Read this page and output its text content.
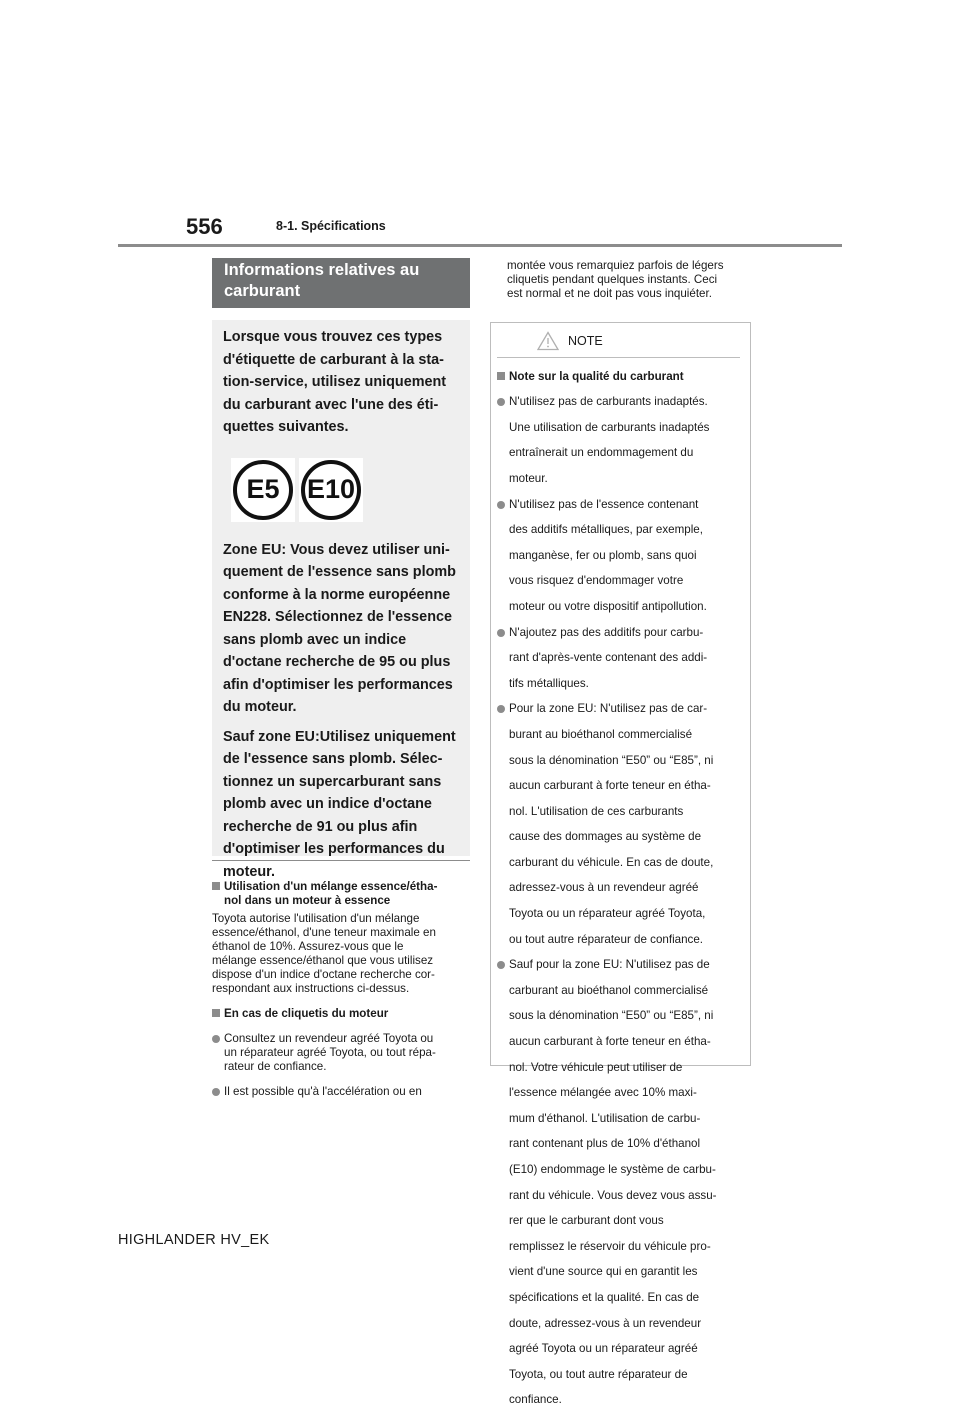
556	8-1. Spécifications
Informations relatives au
carburant

Lorsque vous trouvez ces types

d'étiquette de carburant à la sta-

tion-service, utilisez uniquement

du carburant avec l'une des éti-

quettes suivantes.

E5	E10

Zone EU: Vous devez utiliser uni-

quement de l'essence sans plomb

conforme à la norme européenne

EN228. Sélectionnez de l'essence

sans plomb avec un indice

d'octane recherche de 95 ou plus

afin d'optimiser les performances

du moteur.

Sauf zone EU:Utilisez uniquement

de l'essence sans plomb. Sélec-

tionnez un supercarburant sans

plomb avec un indice d'octane

recherche de 91 ou plus afin

d'optimiser les performances du

moteur.

Utilisation d'un mélange essence/étha-

nol dans un moteur à essence

Toyota autorise l'utilisation d'un mélange

essence/éthanol, d'une teneur maximale en

éthanol de 10%. Assurez-vous que le

mélange essence/éthanol que vous utilisez

dispose d'un indice d'octane recherche cor-

respondant aux instructions ci-dessus.

En cas de cliquetis du moteur

Consultez un revendeur agréé Toyota ou

un réparateur agréé Toyota, ou tout répa-

rateur de confiance.

Il est possible qu'à l'accélération ou en

montée vous remarquiez parfois de légers
cliquetis pendant quelques instants. Ceci
est normal et ne doit pas vous inquiéter.
NOTE

Note sur la qualité du carburant

N'utilisez pas de carburants inadaptés.

Une utilisation de carburants inadaptés

entraînerait un endommagement du

moteur.

N'utilisez pas de l'essence contenant

des additifs métalliques, par exemple,

manganèse, fer ou plomb, sans quoi

vous risquez d'endommager votre

moteur ou votre dispositif antipollution.

N'ajoutez pas des additifs pour carbu-

rant d'après-vente contenant des addi-

tifs métalliques.

Pour la zone EU: N'utilisez pas de car-

burant au bioéthanol commercialisé

sous la dénomination “E50” ou “E85”, ni

aucun carburant à forte teneur en étha-

nol. L'utilisation de ces carburants

cause des dommages au système de

carburant du véhicule. En cas de doute,

adressez-vous à un revendeur agréé

Toyota ou un réparateur agréé Toyota,

ou tout autre réparateur de confiance.

Sauf pour la zone EU: N'utilisez pas de

carburant au bioéthanol commercialisé

sous la dénomination “E50” ou “E85”, ni

aucun carburant à forte teneur en étha-

nol. Votre véhicule peut utiliser de

l'essence mélangée avec 10% maxi-

mum d'éthanol. L'utilisation de carbu-

rant contenant plus de 10% d'éthanol

(E10) endommage le système de carbu-

rant du véhicule. Vous devez vous assu-

rer que le carburant dont vous

remplissez le réservoir du véhicule pro-

vient d'une source qui en garantit les

spécifications et la qualité. En cas de

doute, adressez-vous à un revendeur

agréé Toyota ou un réparateur agréé

Toyota, ou tout autre réparateur de

confiance.

HIGHLANDER HV_EK
